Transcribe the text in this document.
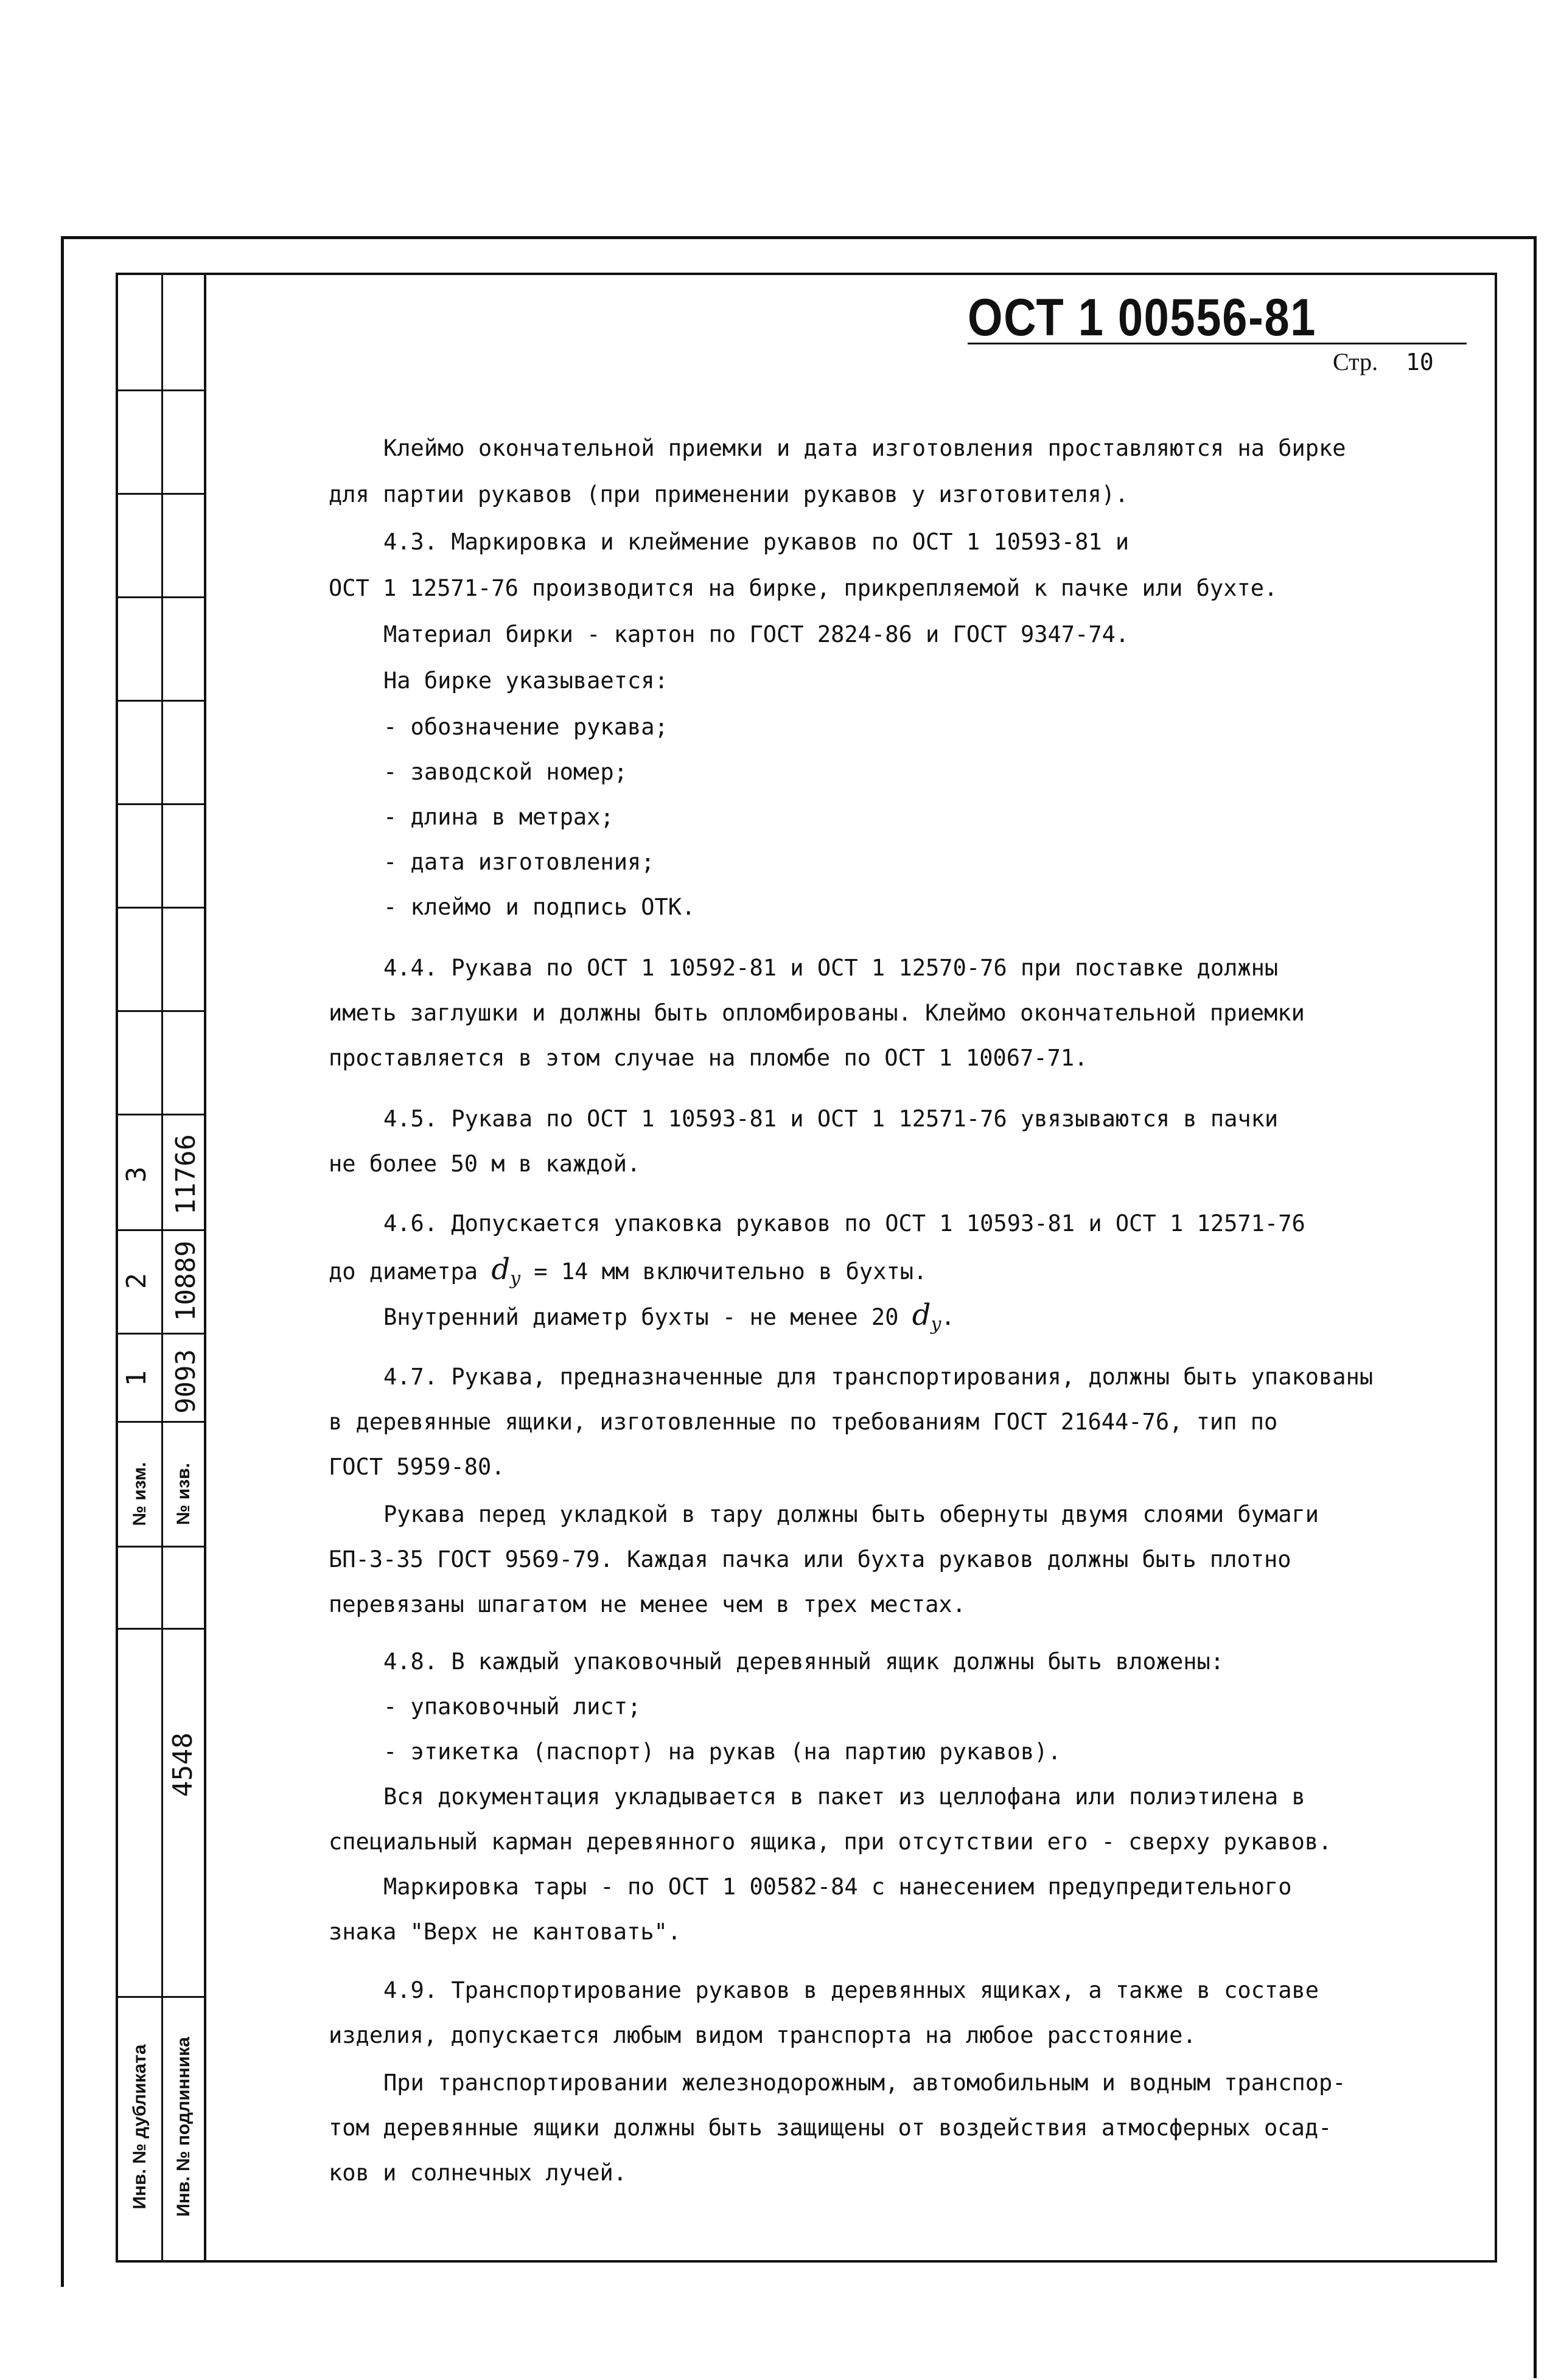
3 11766
2 10889
1 9093
№ изм. № изв.
4548
Инв. № дубликата Инв. № подлинника
ОСТ 1 00556-81
Стр.	10
Клеймо окончательной приемки и дата изготовления проставляются на бирке
для партии рукавов (при применении рукавов у изготовителя).
4.3. Маркировка и клеймение рукавов по ОСТ 1 10593-81 и
ОСТ 1 12571-76 производится на бирке, прикрепляемой к пачке или бухте.
Материал бирки - картон по ГОСТ 2824-86 и ГОСТ 9347-74.
На бирке указывается:
- обозначение рукава;
- заводской номер;
- длина в метрах;
- дата изготовления;
- клеймо и подпись ОТК.
4.4. Рукава по ОСТ 1 10592-81 и ОСТ 1 12570-76 при поставке должны
иметь заглушки и должны быть опломбированы. Клеймо окончательной приемки
проставляется в этом случае на пломбе по ОСТ 1 10067-71.
4.5. Рукава по ОСТ 1 10593-81 и ОСТ 1 12571-76 увязываются в пачки
не более 50 м в каждой.
4.6. Допускается упаковка рукавов по ОСТ 1 10593-81 и ОСТ 1 12571-76
до диаметра $d_y = 14$ мм включительно в бухты.
Внутренний диаметр бухты - не менее 20 $d_y$.
4.7. Рукава, предназначенные для транспортирования, должны быть упакованы
в деревянные ящики, изготовленные по требованиям ГОСТ 21644-76, тип по
ГОСТ 5959-80.
Рукава перед укладкой в тару должны быть обернуты двумя слоями бумаги
БП-3-35 ГОСТ 9569-79. Каждая пачка или бухта рукавов должны быть плотно
перевязаны шпагатом не менее чем в трех местах.
4.8. В каждый упаковочный деревянный ящик должны быть вложены:
- упаковочный лист;
- этикетка (паспорт) на рукав (на партию рукавов).
Вся документация укладывается в пакет из целлофана или полиэтилена в
специальный карман деревянного ящика, при отсутствии его - сверху рукавов.
Маркировка тары - по ОСТ 1 00582-84 с нанесением предупредительного
знака "Верх не кантовать".
4.9. Транспортирование рукавов в деревянных ящиках, а также в составе
изделия, допускается любым видом транспорта на любое расстояние.
При транспортировании железнодорожным, автомобильным и водным транспор-
том деревянные ящики должны быть защищены от воздействия атмосферных осад-
ков и солнечных лучей.
